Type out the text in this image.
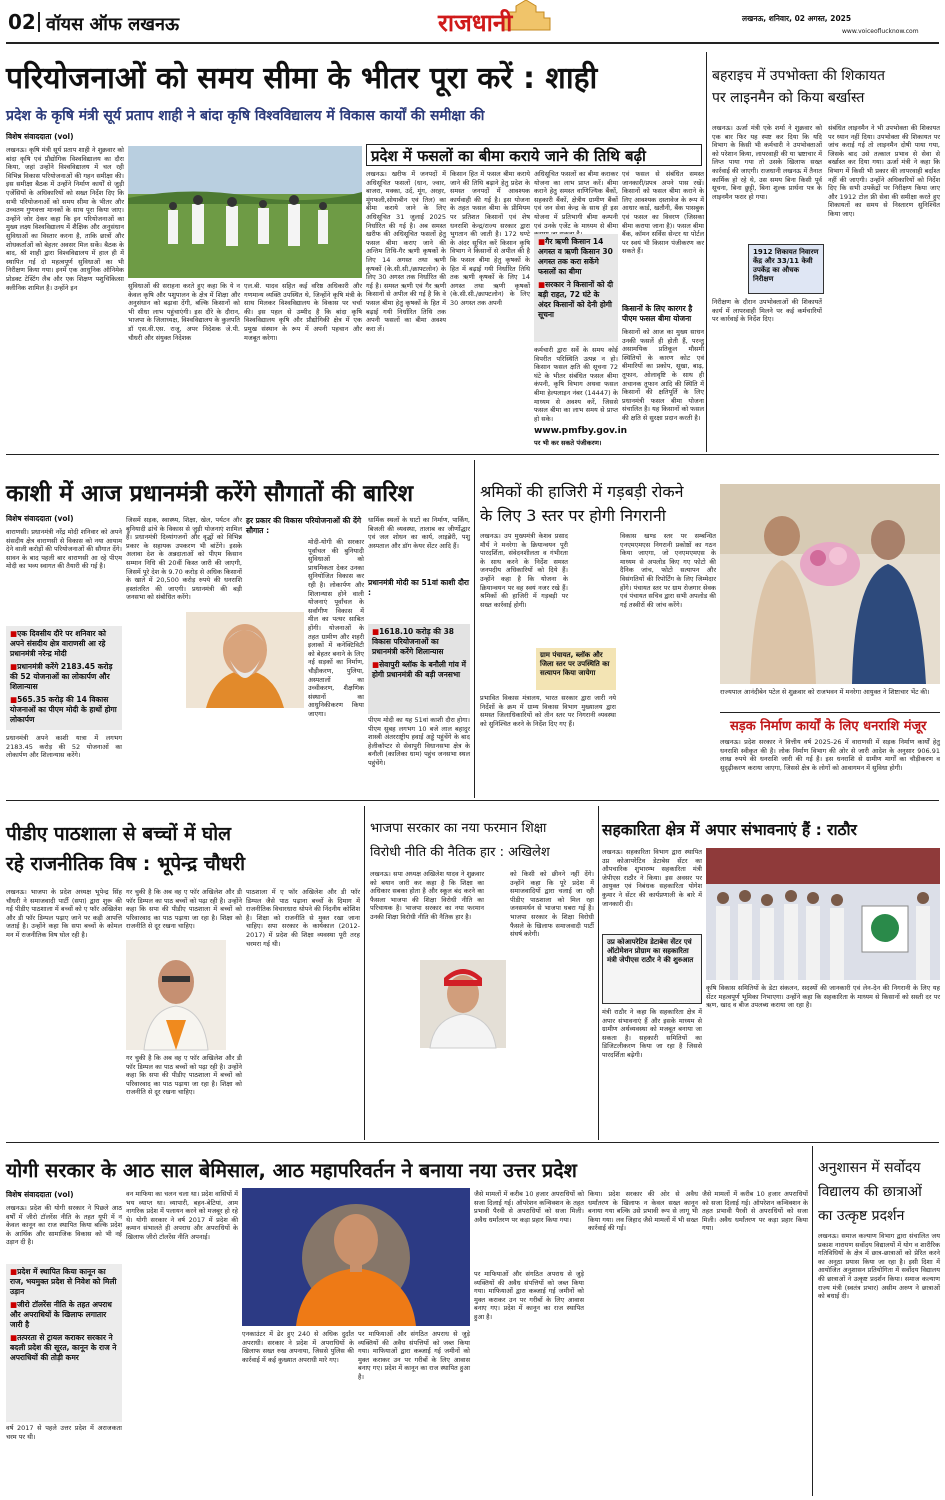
02 वॉयस ऑफ लखनऊ	राजधानी	लखनऊ, शनिवार, 02 अगस्त, 2025
www.voiceoflucknow.com
परियोजनाओं को समय सीमा के भीतर पूरा करें : शाही
प्रदेश के कृषि मंत्री सूर्य प्रताप शाही ने बांदा कृषि विश्वविद्यालय में विकास कार्यों की समीक्षा की
विशेष संवाददाता (vol)
लखनऊ। कृषि मंत्री सूर्य प्रताप शाही ने शुक्रवार को बांदा कृषि एवं प्रौद्योगिक विश्वविद्यालय का दौरा किया, जहां उन्होंने विश्वविद्यालय में चल रही विभिन्न विकास परियोजनाओं की गहन समीक्षा की। इस समीक्षा बैठक में उन्होंने निर्माण कार्यों से जुड़ी एजेंसियों के अधिकारियों को सख्त निर्देश दिए कि सभी परियोजनाओं को समय सीमा के भीतर और उच्चतम गुणवत्ता मानकों के साथ पूरा किया जाए। उन्होंने जोर देकर कहा कि इन परियोजनाओं का मुख्य लक्ष्य विश्वविद्यालय में शैक्षिक और अनुसंधान सुविधाओं का विस्तार करना है, ताकि छात्रों और शोधकर्ताओं को बेहतर अवसर मिल सकें। बैठक के बाद, श्री शाही द्वारा विश्वविद्यालय में हाल ही में स्थापित गई दो महत्वपूर्ण सुविधाओं का भी निरीक्षण किया गया। इनमें एक आधुनिक ऑनिमेक प्रोडक्ट टेस्टिंग लैब और एक शिक्षण पशुचिकित्सा क्लीनिक शामिल है। उन्होंने इन	सुविधाओं की सराहना करते हुए कहा कि ये न केवल कृषि और पशुपालन के क्षेत्र में शिक्षा और अनुसंधान को बढ़ावा देंगी, बल्कि किसानों को भी सीधा लाभ पहुंचाएंगी। इस दौरे के दौरान, भाजपा के जिलाध्यक्ष, विश्वविद्यालय के कुलपति डॉ एस.वी.एस. राजू, अपर निदेशक जे.पी. चौधरी और संयुक्त निदेशक
एल.बी. यादव सहित कई वरिष्ठ अधिकारी और गणमान्य व्यक्ति उपस्थित थे, जिन्होंने कृषि मंत्री के साथ मिलकर विश्वविद्यालय के विकास पर चर्चा की। इस पहल से उम्मीद है कि बांदा कृषि विश्वविद्यालय कृषि और प्रौद्योगिकी क्षेत्र में एक प्रमुख संस्थान के रूप में अपनी पहचान और मजबूत करेगा।
प्रदेश में फसलों का बीमा कराये जाने की तिथि बढ़ी
लखनऊ। खरीफ में जनपदों में अधिसूचित फसलों (धान, ज्वार, बाजरा, मक्का, उर्द, मूंग, अरहर, मूंगफली,सोयाबीन एवं तिल) का बीमा कराये जाने के लिए अधिसूचित 31 जुलाई 2025 निर्धारित की गई है। अब समस्त खरीफ की अधिसूचित फसलों हेतु फसल बीमा कराए जाने की अन्तिम तिथि-गैर ऋणी कृषकों के लिए 14 अगस्त तथा ऋणी कृषकों (के.सी.सी./क्राफ्टलोन) के लिए 30 अगस्त तक निर्धारित की गई है। समस्त ऋणी एवं गैर ऋणी किसानों से अपील की गई है कि वे फसल बीमा हेतु कृषकों के हित में बढ़ाई गयी निर्धारित तिथि तक अपनी फसलों का बीमा अवश्य करा लें।
किसान हित में फसल बीमा कराये जाने की तिथि बढ़ाने हेतु प्रदेश के समस्त जनपदों में आवश्यक कार्यवाही की गई है। इस योजना के तहत फसल बीमा के प्रीमियम पर प्रतिशत किसानों एवं शेष धनराशि केन्द्र/राज्य सरकार द्वारा भुगतान की जाती है। 172 घण्टे के अंदर सूचित करें किसान कृषि विभाग ने किसानों से अपील की है कि फसल बीमा हेतु कृषकों के हित में बढ़ाई गयी निर्धारित तिथि तक ऋणी कृषकों के लिए 14 अगस्त तथा ऋणी कृषकों (के.सी.सी./क्राफ्टलोन) के लिए 30 अगस्त तक अपनी
अधिसूचित फसलों का बीमा कराकर योजना का लाभ प्राप्त करें। बीमा कराने हेतु समस्त वाणिज्यिक बैंकों, सहकारी बैंकों, क्षेत्रीय ग्रामीण बैंकों एवं जन सेवा केन्द्र के साथ ही इस योजना में प्रतिभागी बीमा कम्पनी एवं उनके एजेंट के माध्यम से बीमा
■ गैर ऋणी किसान 14 अगस्त व ऋणी किसान 30 अगस्त तक करा सकेंगे फसलों का बीमा
■ सरकार ने किसानों को दी बड़ी राहत, 72 घंटे के अंदर किसानों को देनी होगी सूचना
कर्मचारी द्वारा सर्वे के समय कोई विपरीत परिस्थिति उत्पन्न न हो। किसान फसल क्षति की सूचना 72 घंटे के भीतर संबंधित फसल बीमा कंपनी, कृषि विभाग अथवा फसल बीमा हेल्पलाइन नंबर (14447) के माध्यम से अवश्य करें, जिससे फसल बीमा का लाभ समय से प्राप्त हो सके।
www.pmfby.gov.in
पर भी कर सकते पंजीकरण।
एवं फसल से संबंधित समस्त जानकारी/प्रपत्र अपने पास रखें। किसानों को फसल बीमा कराने के लिए आवश्यक दस्तावेज के रूप में आधार कार्ड, खतौनी, बैंक पासबुक एवं फसल का विवरण (जिसका बीमा कराया जाना है)। फसल बीमा बैंक, कॉमन सर्विस सेन्टर या पोर्टल पर स्वयं भी किसान पंजीकरण कर सकते हैं।
किसानों के लिए कारगर है पीएम फसल बीमा योजना
किसानों को आज का मुख्य साधन उनकी फसलें ही होती हैं, परन्तु असामयिक प्रतिकूल मौसमी स्थितियों के कारण कोट एवं बीमारियों का प्रकोप, सूखा, बाढ़, तूफान, ओलावृष्टि के साथ ही अचानक तूफान आदि की स्थिति में किसानों की क्षतिपूर्ति के लिए प्रधानमंत्री फसल बीमा योजना संचालित है। यह किसानों को फसल की क्षति से सुरक्षा प्रदान करती है।
बहराइच में उपभोक्ता की शिकायत
पर लाइनमैन को किया बर्खास्त
लखनऊ। ऊर्जा मंत्री एके शर्मा ने शुक्रवार को एक बार फिर यह स्पष्ट कर दिया कि यदि विभाग के किसी भी कर्मचारी ने उपभोक्ताओं को परेशान किया, लापरवाही की या भ्रष्टाचार में लिप्त पाया गया तो उसके खिलाफ सख्त कार्रवाई की जाएगी। राजधानी लखनऊ में तैनात कार्मिक हो रहे थे, उस समय बिना किसी पूर्व सूचना, बिना छुट्टी, बिना शुल्क प्रार्थना पत्र के लाइनमैन फरार हो गया।
1912 शिकायत निवारण केंद्र और 33/11 केवी उपकेंद्र का औचक निरीक्षण
निरीक्षण के दौरान उपभोक्ताओं की शिकायतें कार्य में लापरवाही मिलने पर कई कर्मचारियों पर कार्रवाई के निर्देश दिए।
संबंधित लाइनमैन ने भी उपभोक्ता की शिकायत पर ध्यान नहीं दिया। उपभोक्ता की शिकायत पर जांच कराई गई तो लाइनमैन दोषी पाया गया, जिसके बाद उसे तत्काल प्रभाव से सेवा से बर्खास्त कर दिया गया। ऊर्जा मंत्री ने कहा कि विभाग में किसी भी प्रकार की लापरवाही बर्दाश्त नहीं की जाएगी। उन्होंने अधिकारियों को निर्देश दिए कि सभी उपकेंद्रों पर निरीक्षण किया जाए और 1912 टोल फ्री सेवा की समीक्षा करते हुए शिकायतों का समय से निस्तारण सुनिश्चित किया जाए।
काशी में आज प्रधानमंत्री करेंगे सौगातों की बारिश
विशेष संवाददाता (vol)
वाराणसी। प्रधानमंत्री नरेंद्र मोदी शनिवार को अपने संसदीय क्षेत्र वाराणसी से विकास को नया आयाम देने वाली करोड़ों की परियोजनाओं की सौगात देंगे। सावन के बाद पहली बार वाराणसी आ रहे पीएम मोदी का भव्य स्वागत की तैयारी की गई है।
■ एक दिवसीय दौरे पर शनिवार को अपने संसदीय क्षेत्र वाराणसी आ रहे प्रधानमंत्री नरेन्द्र मोदी
■ प्रधानमंत्री करेंगे 2183.45 करोड़ की 52 योजनाओं का लोकार्पण और शिलान्यास
■ 565.35 करोड़ की 14 विकास योजनाओं का पीएम मोदी के हाथों होगा लोकार्पण
प्रधानमंत्री अपने काशी यात्रा में लगभग 2183.45 करोड़ की 52 योजनाओं का लोकार्पण और शिलान्यास करेंगे।
जिसमें सड़क, स्वास्थ्य, शिक्षा, खेल, पर्यटन और बुनियादी ढांचे के विकास से जुड़ी योजनाएं शामिल हैं। प्रधानमंत्री दिव्यांगजनों और वृद्धों को विभिन्न प्रकार के सहायक उपकरण भी बांटेंगे। इसके अलावा देश के अन्नदाताओं को पीएम किसान सम्मान निधि की 20वीं किस्त जारी की जाएगी, जिसमें पूरे देश के 9.70 करोड़ से अधिक किसानों के खाते में 20,500 करोड़ रुपये की धनराशि हस्तांतरित की जाएगी। प्रधानमंत्री की बड़ी जनसभा को संबोधित करेंगे।
हर प्रकार की विकास परियोजनाओं की देंगे सौगात :
मोदी-योगी की सरकार पूर्वांचल की बुनियादी सुविधाओं को प्राथमिकता देकर उनका सुनियोजित विकास कर रही है। लोकार्पण और शिलान्यास होने वाली योजनाएं पूर्वांचल के सर्वांगीण विकास में मील का पत्थर साबित होंगी। योजनाओं के तहत ग्रामीण और शहरी इलाकों में कनेक्टिविटी को बेहतर बनाने के लिए नई सड़कों का निर्माण, चौड़ीकरण, पुलिया, अस्पतालों का उच्चीकरण, शैक्षणिक संस्थानों का आधुनिकीकरण किया जाएगा।
धार्मिक स्थलों के घाटों का निर्माण, पार्किंग, बिजली की व्यवस्था, तालाब का जीर्णोद्धार एवं जल शोधन का कार्य, लाइब्रेरी, पशु अस्पताल और डॉग केयर सेंटर आदि हैं।
प्रधानमंत्री मोदी का 51वां काशी दौरा :
■ 1618.10 करोड़ की 38 विकास परियोजनाओं का प्रधानमंत्री करेंगे शिलान्यास
■ सेवापुरी ब्लॉक के बनौली गांव में होगी प्रधानमंत्री की बड़ी जनसभा
पीएम मोदी का यह 51वां काशी दौरा होगा। पीएम सुबह लगभग 10 बजे लाल बहादुर शास्त्री अंतरराष्ट्रीय हवाई अड्डे पहुंचेंगे के बाद हेलीकॉप्टर से सेवापुरी विधानसभा क्षेत्र के बनौली (कालिका धाम) पहुंच जनसभा स्थल पहुंचेंगे।
श्रमिकों की हाजिरी में गड़बड़ी रोकने
के लिए 3 स्तर पर होगी निगरानी
लखनऊ। उप मुख्यमंत्री केशव प्रसाद मौर्य ने मनरेगा के क्रियान्वयन पूरी पारदर्शिता, संवेदनशीलता व गंभीरता के साथ करने के निर्देश समस्त जनपदीय अधिकारियों को दिये हैं। उन्होंने कहा है कि योजना के क्रियान्वयन पर वह स्वयं नजर रखे हैं। श्रमिकों की हाजिरी में गड़बड़ी पर सख्त कार्रवाई होगी।
ग्राम पंचायत, ब्लॉक और जिला स्तर पर उपस्थिति का सत्यापन किया जायेगा
प्रभावित विकास मंत्रालय, भारत सरकार द्वारा जारी नये निर्देशों के क्रम में ग्राम्य विकास विभाग मुख्यालय द्वारा समस्त जिलाधिकारियों को तीन स्तर पर निगरानी व्यवस्था को सुनिश्चित करने के निर्देश दिए गए हैं।
विकास खण्ड स्तर पर सम्बन्धित एनएमएमएस निगरानी प्रकोष्ठों का गठन किया जाएगा, जो एनएमएमएस के माध्यम से अपलोड किए गए फोटो की दैनिक जांच, फोटो सत्यापन और विसंगतियों की रिपोर्टिंग के लिए जिम्मेदार होंगे। पंचायत स्तर पर ग्राम रोजगार सेवक एवं पंचायत सचिव द्वारा सभी अपलोड की गई तस्वीरों की जांच करेंगे।
राज्यपाल आनंदीबेन पटेल से शुक्रवार को राजभवन में मनरेगा आयुक्त ने शिष्टाचार भेंट की।
सड़क निर्माण कार्यों के लिए धनराशि मंजूर
लखनऊ। प्रदेश सरकार ने वित्तीय वर्ष 2025-26 में वाराणसी में सड़क निर्माण कार्यों हेतु धनराशि स्वीकृत की है। लोक निर्माण विभाग की ओर से जारी आदेश के अनुसार 906.91 लाख रुपये की धनराशि जारी की गई है। इस धनराशि से ग्रामीण मार्गों का चौड़ीकरण व सुदृढ़ीकरण कराया जाएगा, जिससे क्षेत्र के लोगों को आवागमन में सुविधा होगी।
पीडीए पाठशाला से बच्चों में घोल
रहे राजनीतिक विष : भूपेन्द्र चौधरी
लखनऊ। भाजपा के प्रदेश अध्यक्ष भूपेन्द्र सिंह चौधरी ने समाजवादी पार्टी (सपा) द्वारा शुरू की गई पीडीए पाठशाला में बच्चों को ए फॉर अखिलेश और डी फॉर डिम्पल पढ़ाए जाने पर कड़ी आपत्ति जताई है। उन्होंने कहा कि सपा बच्चों के कोमल मन में राजनीतिक विष घोल रही है।
गर चुकी है कि अब वह ए फॉर अखिलेश और डी फॉर डिम्पल का पाठ बच्चों को पढ़ा रही है। उन्होंने कहा कि सपा की पीडीए पाठशाला में बच्चों को परिवारवाद का पाठ पढ़ाया जा रहा है। शिक्षा को राजनीति से दूर रखना चाहिए।
गर चुकी है कि अब वह ए फॉर अखिलेश और डी फॉर डिम्पल का पाठ बच्चों को पढ़ा रही है। उन्होंने कहा कि सपा की पीडीए पाठशाला में बच्चों को परिवारवाद का पाठ पढ़ाया जा रहा है। शिक्षा को राजनीति से दूर रखना चाहिए।
पाठशाला में ए फॉर अखिलेश और डी फॉर डिम्पल जैसे पाठ पढ़ाना बच्चों के दिमाग में राजनीतिक विचारधारा थोपने की निंदनीय कोशिश है। शिक्षा को राजनीति से मुक्त रखा जाना चाहिए। सपा सरकार के कार्यकाल (2012-2017) में प्रदेश की शिक्षा व्यवस्था पूरी तरह चरमरा गई थी।
भाजपा सरकार का नया फरमान शिक्षा
विरोधी नीति की नैतिक हार : अखिलेश
लखनऊ। सपा अध्यक्ष अखिलेश यादव ने शुक्रवार को बयान जारी कर कहा है कि शिक्षा का अधिकार सबका होता है और स्कूल बंद करने का फैसला भाजपा की शिक्षा विरोधी नीति का परिचायक है। भाजपा सरकार का नया फरमान उनकी शिक्षा विरोधी नीति की नैतिक हार है।
को किसी को छीनने नहीं देंगे। उन्होंने कहा कि पूरे प्रदेश में समाजवादियों द्वारा चलाई जा रही पीडीए पाठशाला को मिल रहा जनसमर्थन से भाजपा घबरा गई है। भाजपा सरकार के शिक्षा विरोधी फैसले के खिलाफ समाजवादी पार्टी संघर्ष करेगी।
सहकारिता क्षेत्र में अपार संभावनाएं हैं : राठौर
लखनऊ। सहकारिता विभाग द्वारा स्थापित उप्र कोआपरेटिव डेटाबेस सेंटर का औपचारिक शुभारम्भ सहकारिता मंत्री जेपीएस राठौर ने किया। इस अवसर पर आयुक्त एवं निबंधक सहकारिता योगेश कुमार ने सेंटर की कार्यप्रणाली के बारे में जानकारी दी।
उप्र कोआपरेटिव डेटाबेस सेंटर एवं ऑटोमेशन प्रोग्राम का सहकारिता मंत्री जेपीएस राठौर ने की शुरुआत
मंत्री राठौर ने कहा कि सहकारिता क्षेत्र में अपार संभावनाएं हैं और इसके माध्यम से ग्रामीण अर्थव्यवस्था को मजबूत बनाया जा सकता है। सहकारी समितियों का डिजिटलीकरण किया जा रहा है जिससे पारदर्शिता बढ़ेगी।
कृषि विकास समितियों के डेटा संकलन, सदस्यों की जानकारी एवं लेन-देन की निगरानी के लिए यह सेंटर महत्वपूर्ण भूमिका निभाएगा। उन्होंने कहा कि सहकारिता के माध्यम से किसानों को सस्ती दर पर ऋण, खाद व बीज उपलब्ध कराया जा रहा है।
योगी सरकार के आठ साल बेमिसाल, आठ महापरिवर्तन ने बनाया नया उत्तर प्रदेश
विशेष संवाददाता (vol)
लखनऊ। प्रदेश की योगी सरकार ने पिछले आठ वर्षों में जीरो टॉलरेंस नीति के तहत यूपी में न केवल कानून का राज स्थापित किया बल्कि प्रदेश के आर्थिक और सामाजिक विकास को भी नई उड़ान दी है।
■ प्रदेश में स्थापित किया कानून का राज, भयमुक्त प्रदेश से निवेश को मिली उड़ान
■ जीरो टॉलरेंस नीति के तहत अपराध और अपराधियों के खिलाफ लगातार जारी है
■ तत्परता से ट्रायल कराकर सरकार ने बदली प्रदेश की सूरत, कानून के राज ने अपराधियों की तोड़ी कमर
वर्ष 2017 से पहले उत्तर प्रदेश में अराजकता चरम पर थी।
वन माफिया का चलन चला था। प्रदेश वासियों में भय व्याप्त था। व्यापारी, बहन-बेटियां, आम नागरिक प्रदेश में पलायन करने को मजबूर हो रहे थे। योगी सरकार ने वर्ष 2017 में प्रदेश की कमान संभालते ही अपराध और अपराधियों के खिलाफ जीरो टॉलरेंस नीति अपनाई।
एनकाउंटर में ढेर हुए 240 से अधिक दुर्दांत अपराधी। सरकार ने प्रदेश में अपराधियों के खिलाफ सख्त रुख अपनाया, जिससे पुलिस की कार्रवाई में कई कुख्यात अपराधी मारे गए।
पर माफियाओं और संगठित अपराध से जुड़े व्यक्तियों की अवैध संपत्तियों को जब्त किया गया। माफियाओं द्वारा कब्जाई गई जमीनों को मुक्त कराकर उन पर गरीबों के लिए आवास बनाए गए। प्रदेश में कानून का राज स्थापित हुआ है।
जैसे मामलों में करीब 10 हजार अपराधियों को सजा दिलाई गई। ऑपरेशन कन्विक्शन के तहत प्रभावी पैरवी से अपराधियों को सजा मिली। अवैध धर्मांतरण पर कड़ा प्रहार किया गया।
पर माफियाओं और संगठित अपराध से जुड़े व्यक्तियों की अवैध संपत्तियों को जब्त किया गया। माफियाओं द्वारा कब्जाई गई जमीनों को मुक्त कराकर उन पर गरीबों के लिए आवास बनाए गए। प्रदेश में कानून का राज स्थापित हुआ है।
किया। प्रदेश सरकार की ओर से अवैध धर्मांतरण के खिलाफ न केवल सख्त कानून बनाया गया बल्कि उसे प्रभावी रूप से लागू भी किया गया। लव जिहाद जैसे मामलों में भी सख्त कार्रवाई की गई।
जैसे मामलों में करीब 10 हजार अपराधियों को सजा दिलाई गई। ऑपरेशन कन्विक्शन के तहत प्रभावी पैरवी से अपराधियों को सजा मिली। अवैध धर्मांतरण पर कड़ा प्रहार किया गया।
अनुशासन में सर्वोदय
विद्यालय की छात्राओं
का उत्कृष्ट प्रदर्शन
लखनऊ। समाज कल्याण विभाग द्वारा संचालित जय प्रकाश नारायण सर्वोदय विद्यालयों में योग व शारीरिक गतिविधियों के क्षेत्र में छात्र-छात्राओं को प्रेरित करने का अनूठा प्रयास किया जा रहा है। इसी दिशा में आयोजित अनुशासन प्रतियोगिता में सर्वोदय विद्यालय की छात्राओं ने उत्कृष्ट प्रदर्शन किया। समाज कल्याण राज्य मंत्री (स्वतंत्र प्रभार) असीम अरुण ने छात्राओं को बधाई दी।
